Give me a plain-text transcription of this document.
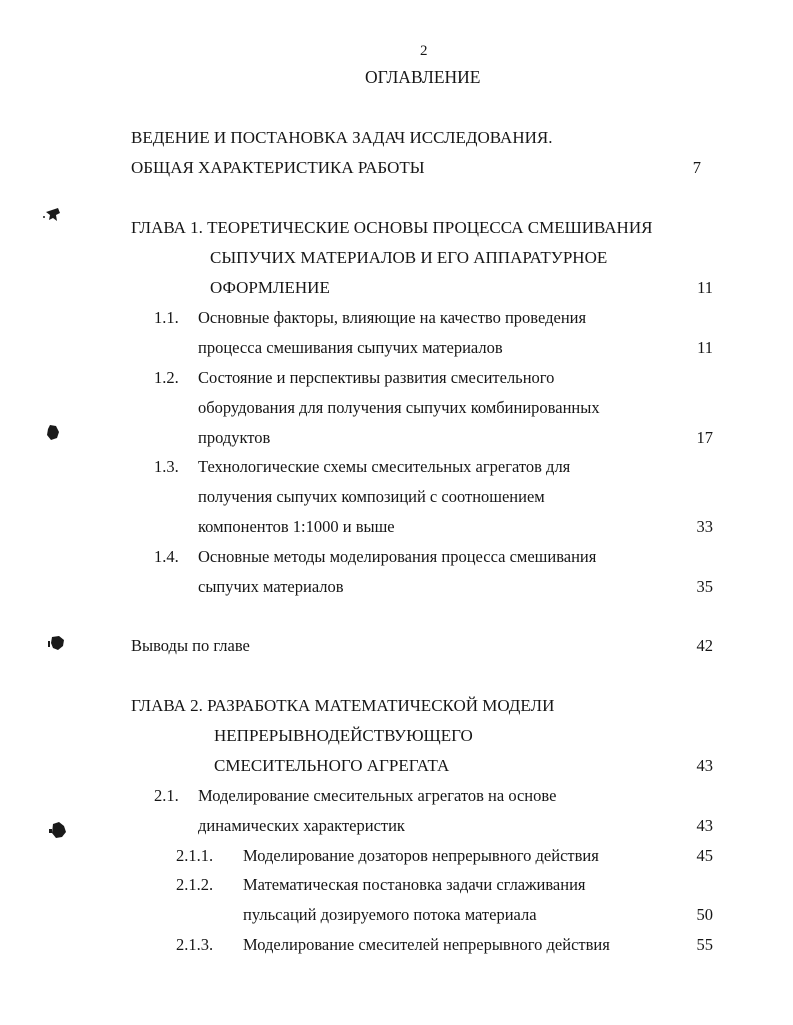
2
ОГЛАВЛЕНИЕ
ВЕДЕНИЕ И ПОСТАНОВКА ЗАДАЧ ИССЛЕДОВАНИЯ.
ОБЩАЯ ХАРАКТЕРИСТИКА РАБОТЫ	7
ГЛАВА 1. ТЕОРЕТИЧЕСКИЕ ОСНОВЫ ПРОЦЕССА СМЕШИВАНИЯ
СЫПУЧИХ МАТЕРИАЛОВ И ЕГО АППАРАТУРНОЕ
ОФОРМЛЕНИЕ	11
1.1. Основные факторы, влияющие на качество проведения
процесса смешивания сыпучих материалов	11
1.2. Состояние и перспективы развития смесительного
оборудования для получения сыпучих комбинированных
продуктов	17
1.3. Технологические схемы смесительных агрегатов для
получения сыпучих композиций с соотношением
компонентов 1:1000 и выше	33
1.4. Основные методы моделирования процесса смешивания
сыпучих материалов	35
Выводы по главе	42
ГЛАВА 2. РАЗРАБОТКА МАТЕМАТИЧЕСКОЙ МОДЕЛИ
НЕПРЕРЫВНОДЕЙСТВУЮЩЕГО
СМЕСИТЕЛЬНОГО АГРЕГАТА	43
2.1. Моделирование смесительных агрегатов на основе
динамических характеристик	43
2.1.1. Моделирование дозаторов непрерывного действия	45
2.1.2. Математическая постановка задачи сглаживания
пульсаций дозируемого потока материала	50
2.1.3. Моделирование смесителей непрерывного действия	55
